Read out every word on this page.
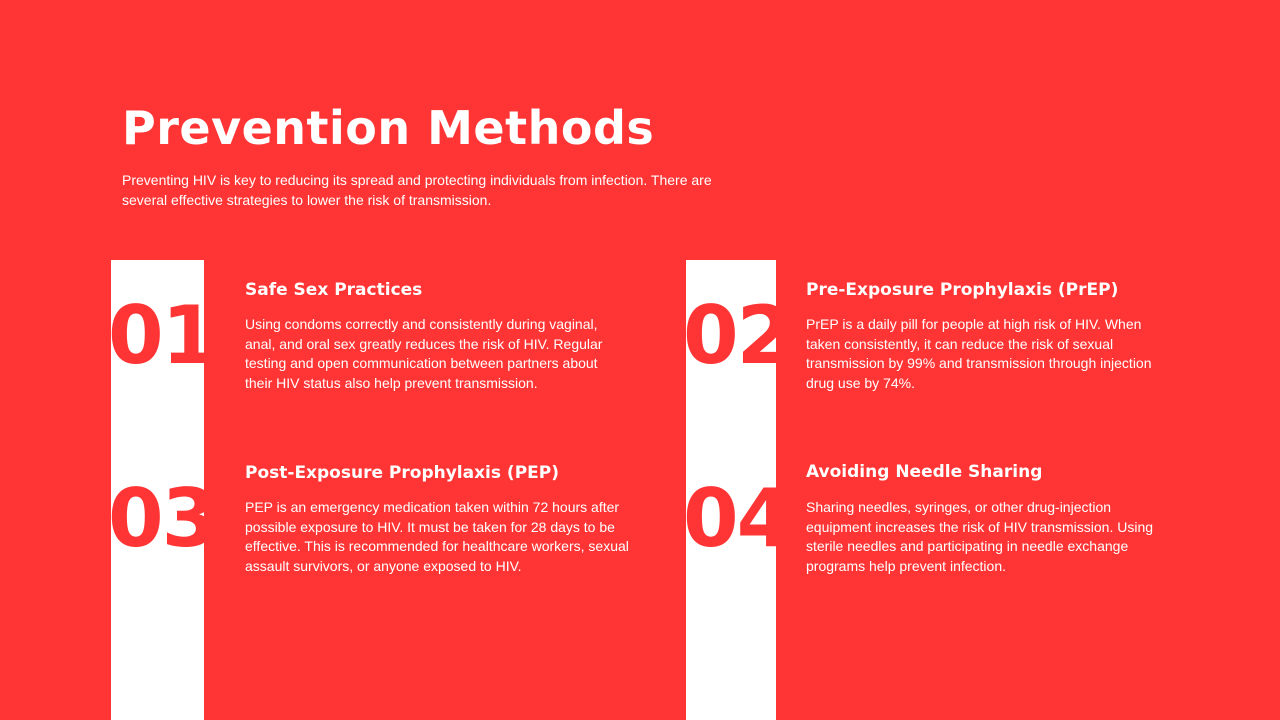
Prevention Methods

Preventing HIV is key to reducing its spread and protecting individuals from infection. There are several effective strategies to lower the risk of transmission.

01	02
03	04
Safe Sex Practices

Using condoms correctly and consistently during vaginal, anal, and oral sex greatly reduces the risk of HIV. Regular testing and open communication between partners about their HIV status also help prevent transmission.

Pre-Exposure Prophylaxis (PrEP)

PrEP is a daily pill for people at high risk of HIV. When taken consistently, it can reduce the risk of sexual transmission by 99% and transmission through injection drug use by 74%.

Post-Exposure Prophylaxis (PEP)

PEP is an emergency medication taken within 72 hours after possible exposure to HIV. It must be taken for 28 days to be effective. This is recommended for healthcare workers, sexual assault survivors, or anyone exposed to HIV.

Avoiding Needle Sharing

Sharing needles, syringes, or other drug-injection equipment increases the risk of HIV transmission. Using sterile needles and participating in needle exchange programs help prevent infection.
